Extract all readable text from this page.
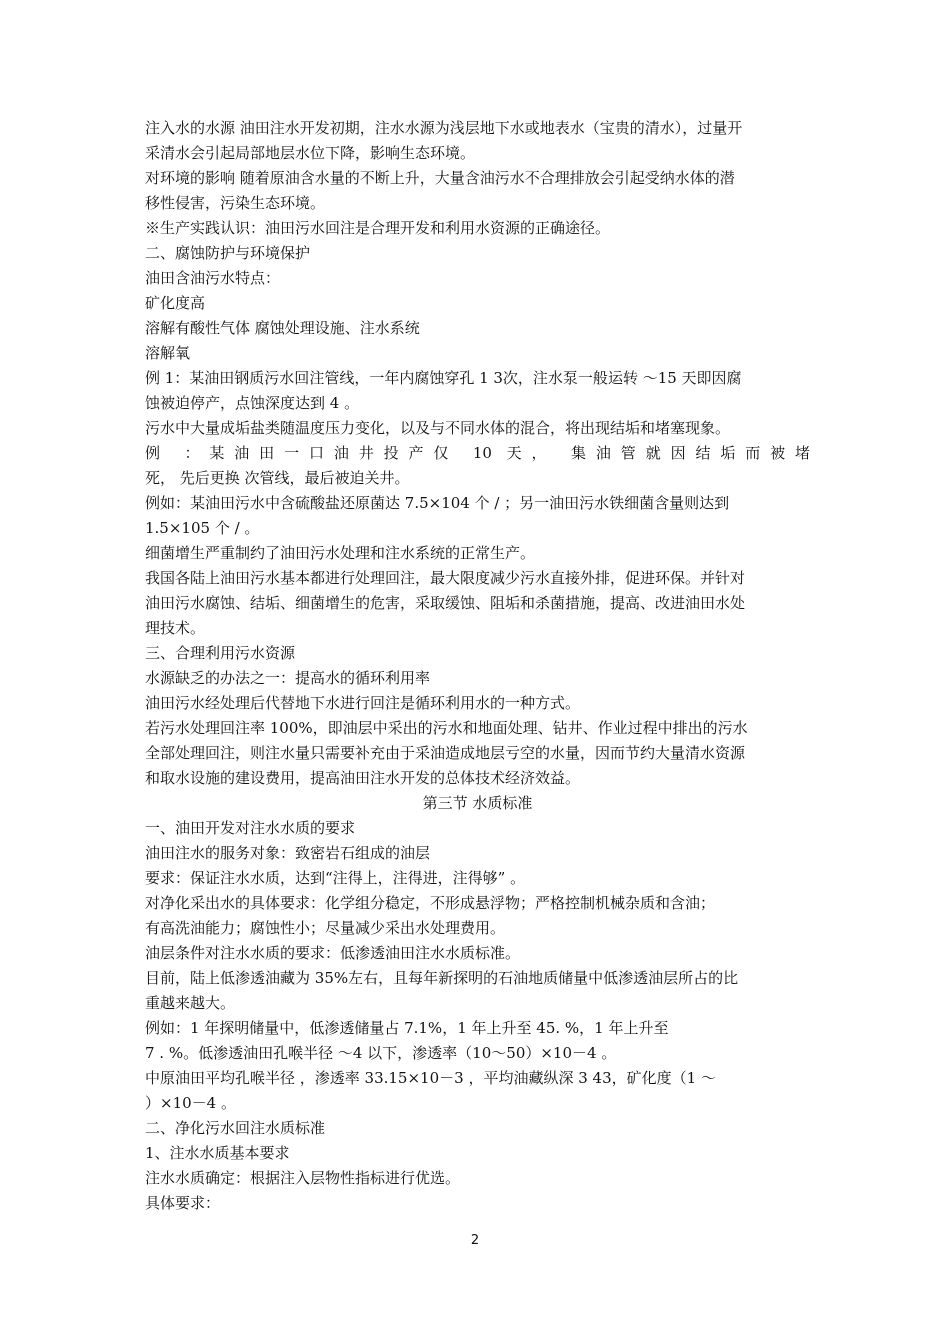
注入水的水源 油田注水开发初期，注水水源为浅层地下水或地表水（宝贵的清水），过量开
采清水会引起局部地层水位下降，影响生态环境。
对环境的影响 随着原油含水量的不断上升，大量含油污水不合理排放会引起受纳水体的潜
移性侵害，污染生态环境。
※生产实践认识：油田污水回注是合理开发和利用水资源的正确途径。
二、腐蚀防护与环境保护
油田含油污水特点：
矿化度高
溶解有酸性气体 腐蚀处理设施、注水系统
溶解氧
例 1：某油田钢质污水回注管线，一年内腐蚀穿孔 1 3次，注水泵一般运转 ～15 天即因腐
蚀被迫停产，点蚀深度达到 4 。
污水中大量成垢盐类随温度压力变化，以及与不同水体的混合，将出现结垢和堵塞现象。
例 ：某油田一口油井投产仅 10 天， 集油管就因结垢而被堵
死， 先后更换 次管线，最后被迫关井。
例如：某油田污水中含硫酸盐还原菌达 7.5×104 个 / ；另一油田污水铁细菌含量则达到
1.5×105 个 / 。
细菌增生严重制约了油田污水处理和注水系统的正常生产。
我国各陆上油田污水基本都进行处理回注，最大限度减少污水直接外排，促进环保。并针对
油田污水腐蚀、结垢、细菌增生的危害，采取缓蚀、阻垢和杀菌措施，提高、改进油田水处
理技术。
三、合理利用污水资源
水源缺乏的办法之一：提高水的循环利用率
油田污水经处理后代替地下水进行回注是循环利用水的一种方式。
若污水处理回注率 100%，即油层中采出的污水和地面处理、钻井、作业过程中排出的污水
全部处理回注，则注水量只需要补充由于采油造成地层亏空的水量，因而节约大量清水资源
和取水设施的建设费用，提高油田注水开发的总体技术经济效益。
第三节 水质标准
一、油田开发对注水水质的要求
油田注水的服务对象：致密岩石组成的油层
要求：保证注水水质，达到“注得上，注得进，注得够” 。
对净化采出水的具体要求：化学组分稳定，不形成悬浮物；严格控制机械杂质和含油；
有高洗油能力；腐蚀性小；尽量减少采出水处理费用。
油层条件对注水水质的要求：低渗透油田注水水质标准。
目前，陆上低渗透油藏为 35%左右，且每年新探明的石油地质储量中低渗透油层所占的比
重越来越大。
例如：1 年探明储量中，低渗透储量占 7.1%，1 年上升至 45. %，1 年上升至
7 . %。低渗透油田孔喉半径 ～4 以下，渗透率（10～50）×10－4 。
中原油田平均孔喉半径 ，渗透率 33.15×10－3 ，平均油藏纵深 3 43，矿化度（1 ～
）×10－4 。
二、净化污水回注水质标准
1、注水水质基本要求
注水水质确定：根据注入层物性指标进行优选。
具体要求：
2
